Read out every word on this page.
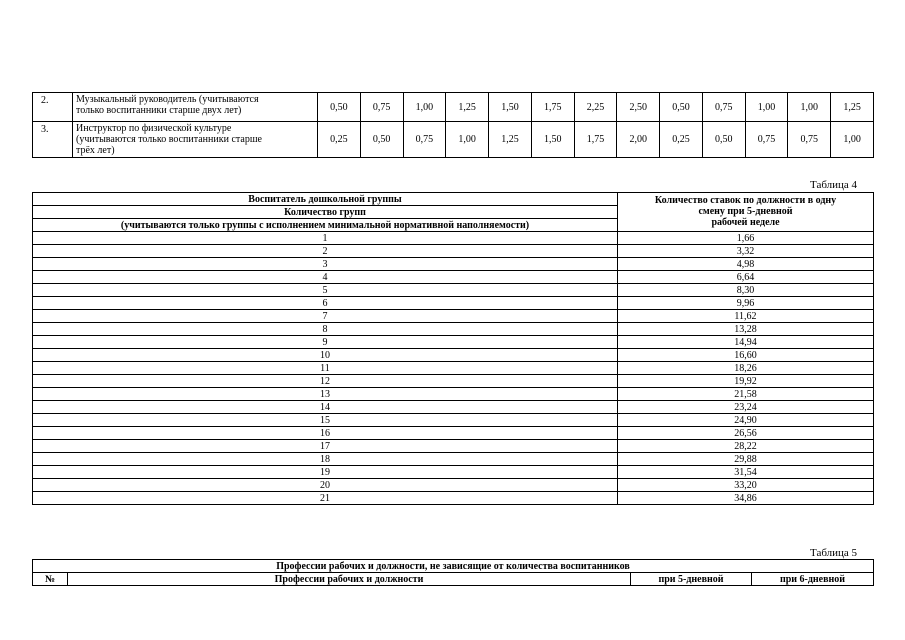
2.	Музыкальный руководитель (учитываются
только воспитанники старше двух лет)	0,50	0,75	1,00	1,25	1,50	1,75	2,25	2,50	0,50	0,75	1,00	1,00	1,25
3.	Инструктор по физической культуре
(учитываются только воспитанники старше
трёх лет)	0,25	0,50	0,75	1,00	1,25	1,50	1,75	2,00	0,25	0,50	0,75	0,75	1,00
Таблица 4
Воспитатель дошкольной группы	Количество ставок по должности в одну
смену при 5-дневной
рабочей неделе

Количество групп	
(учитываются только группы с исполнением минимальной нормативной наполняемости)	
1	1,66
2	3,32
3	4,98
4	6,64
5	8,30
6	9,96
7	11,62
8	13,28
9	14,94
10	16,60
11	18,26
12	19,92
13	21,58
14	23,24
15	24,90
16	26,56
17	28,22
18	29,88
19	31,54
20	33,20
21	34,86
Таблица 5
Профессии рабочих и должности, не зависящие от количества воспитанников
№	Профессии рабочих и должности	при 5-дневной	при 6-дневной
